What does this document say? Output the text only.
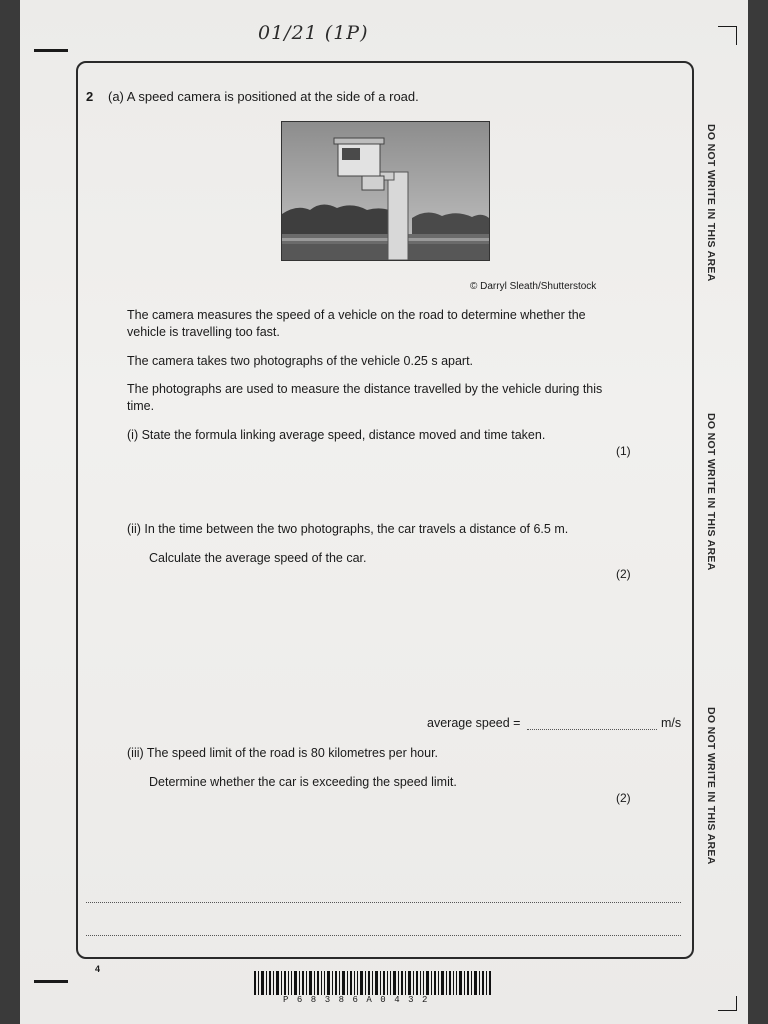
01/21 (1P)
2 (a) A speed camera is positioned at the side of a road.
© Darryl Sleath/Shutterstock
The camera measures the speed of a vehicle on the road to determine whether the vehicle is travelling too fast.
The camera takes two photographs of the vehicle 0.25 s apart.
The photographs are used to measure the distance travelled by the vehicle during this time.
(i) State the formula linking average speed, distance moved and time taken.
(1)
(ii) In the time between the two photographs, the car travels a distance of 6.5 m.
Calculate the average speed of the car.
(2)
average speed =	m/s
(iii) The speed limit of the road is 80 kilometres per hour.
Determine whether the car is exceeding the speed limit.
(2)
DO NOT WRITE IN THIS AREA
DO NOT WRITE IN THIS AREA
DO NOT WRITE IN THIS AREA
4
P68386A0432
